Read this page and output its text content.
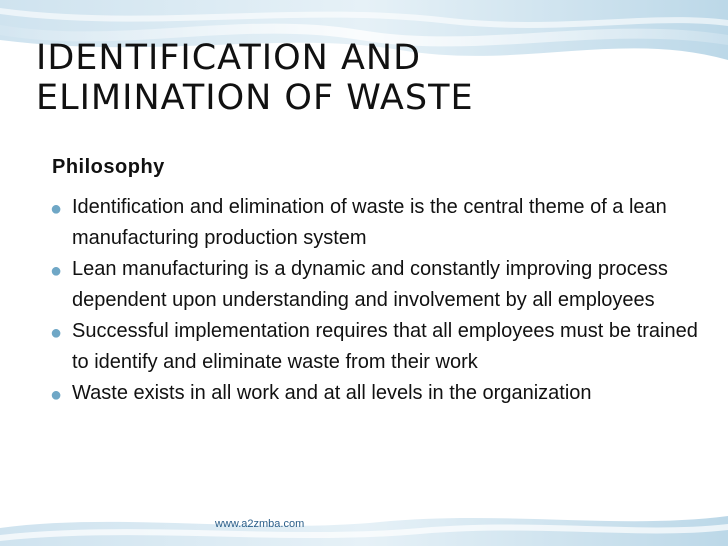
IDENTIFICATION AND
ELIMINATION OF WASTE
Philosophy
● Identification and elimination of waste is the central theme of a lean manufacturing production system
● Lean manufacturing is a dynamic and constantly improving process dependent upon understanding and involvement by all employees
● Successful implementation requires that all employees must be trained to identify and eliminate waste from their work
● Waste exists in all work and at all levels in the organization
www.a2zmba.com
